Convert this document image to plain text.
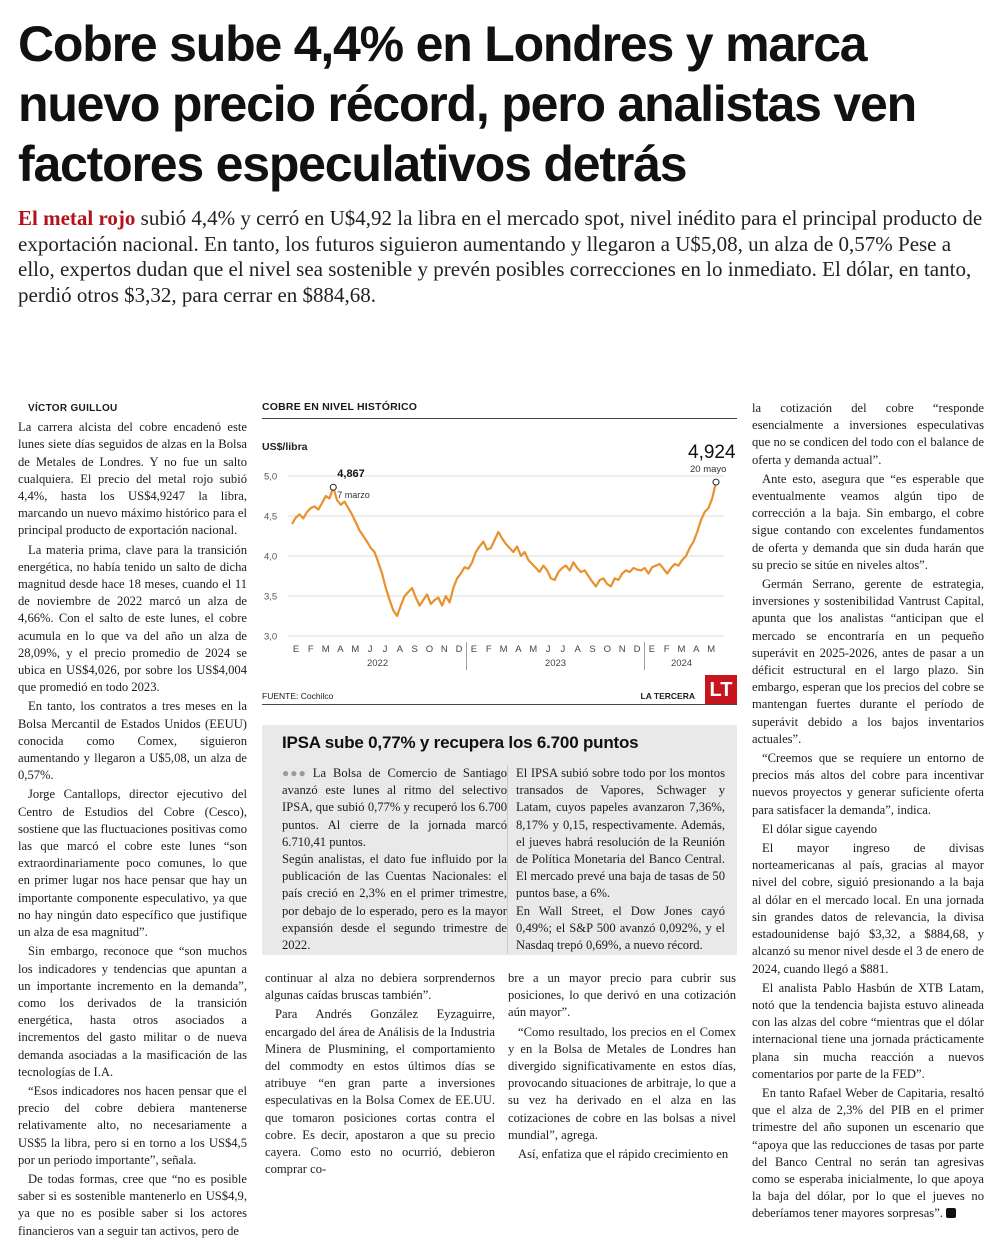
Cobre sube 4,4% en Londres y marca nuevo precio récord, pero analistas ven factores especulativos detrás
El metal rojo subió 4,4% y cerró en U$4,92 la libra en el mercado spot, nivel inédito para el principal producto de exportación nacional. En tanto, los futuros siguieron aumentando y llegaron a U$5,08, un alza de 0,57% Pese a ello, expertos dudan que el nivel sea sostenible y prevén posibles correcciones en lo inmediato. El dólar, en tanto, perdió otros $3,32, para cerrar en $884,68.

VÍCTOR GUILLOU

La carrera alcista del cobre encadenó este lunes siete días seguidos de alzas en la Bolsa de Metales de Londres. Y no fue un salto cualquiera. El precio del metal rojo subió 4,4%, hasta los US$4,9247 la libra, marcando un nuevo máximo histórico para el principal producto de exportación nacional.

La materia prima, clave para la transición energética, no había tenido un salto de dicha magnitud desde hace 18 meses, cuando el 11 de noviembre de 2022 marcó un alza de 4,66%. Con el salto de este lunes, el cobre acumula en lo que va del año un alza de 28,09%, y el precio promedio de 2024 se ubica en US$4,026, por sobre los US$4,004 que promedió en todo 2023.

En tanto, los contratos a tres meses en la Bolsa Mercantil de Estados Unidos (EEUU) conocida como Comex, siguieron aumentando y llegaron a U$5,08, un alza de 0,57%.

Jorge Cantallops, director ejecutivo del Centro de Estudios del Cobre (Cesco), sostiene que las fluctuaciones positivas como las que marcó el cobre este lunes “son extraordinariamente poco comunes, lo que en primer lugar nos hace pensar que hay un importante componente especulativo, ya que no hay ningún dato específico que justifique un alza de esa magnitud”.

Sin embargo, reconoce que “son muchos los indicadores y tendencias que apuntan a un importante incremento en la demanda”, como los derivados de la transición energética, hasta otros asociados a incrementos del gasto militar o de nueva demanda asociadas a la masificación de las tecnologías de I.A.

“Esos indicadores nos hacen pensar que el precio del cobre debiera mantenerse relativamente alto, no necesariamente a US$5 la libra, pero si en torno a los US$4,5 por un periodo importante”, señala.

De todas formas, cree que “no es posible saber si es sostenible mantenerlo en US$4,9, ya que no es posible saber si los actores financieros van a seguir tan activos, pero de

COBRE EN NIVEL HISTÓRICO
US$/libra
5,0
4,5
4,0
3,5
3,0
4,867
7 marzo
4,924
20 mayo
E F M A M J J A S O N D E F M A M J J A S O N D E F M A M
2022	2023	2024
FUENTE: Cochilco	LA TERCERA LT
IPSA sube 0,77% y recupera los 6.700 puntos

●●● La Bolsa de Comercio de Santiago avanzó este lunes al ritmo del selectivo IPSA, que subió 0,77% y recuperó los 6.700 puntos. Al cierre de la jornada marcó 6.710,41 puntos.

Según analistas, el dato fue influido por la publicación de las Cuentas Nacionales: el país creció en 2,3% en el primer trimestre, por debajo de lo esperado, pero es la mayor expansión desde el segundo trimestre de 2022.

El IPSA subió sobre todo por los montos transados de Vapores, Schwager y Latam, cuyos papeles avanzaron 7,36%, 8,17% y 0,15, respectivamente. Además, el jueves habrá resolución de la Reunión de Política Monetaria del Banco Central. El mercado prevé una baja de tasas de 50 puntos base, a 6%.

En Wall Street, el Dow Jones cayó 0,49%; el S&P 500 avanzó 0,092%, y el Nasdaq trepó 0,69%, a nuevo récord.

continuar al alza no debiera sorprendernos algunas caídas bruscas también”.

Para Andrés González Eyzaguirre, encargado del área de Análisis de la Industria Minera de Plusmining, el comportamiento del commodty en estos últimos días se atribuye “en gran parte a inversiones especulativas en la Bolsa Comex de EE.UU. que tomaron posiciones cortas contra el cobre. Es decir, apostaron a que su precio cayera. Como esto no ocurrió, debieron comprar co-

bre a un mayor precio para cubrir sus posiciones, lo que derivó en una cotización aún mayor”.

“Como resultado, los precios en el Comex y en la Bolsa de Metales de Londres han divergido significativamente en estos días, provocando situaciones de arbitraje, lo que a su vez ha derivado en el alza en las cotizaciones de cobre en las bolsas a nivel mundial”, agrega.

Así, enfatiza que el rápido crecimiento en

la cotización del cobre “responde esencialmente a inversiones especulativas que no se condicen del todo con el balance de oferta y demanda actual”.

Ante esto, asegura que “es esperable que eventualmente veamos algún tipo de corrección a la baja. Sin embargo, el cobre sigue contando con excelentes fundamentos de oferta y demanda que sin duda harán que su precio se sitúe en niveles altos”.

Germán Serrano, gerente de estrategia, inversiones y sostenibilidad Vantrust Capital, apunta que los analistas “anticipan que el mercado se encontraría en un pequeño superávit en 2025-2026, antes de pasar a un déficit estructural en el largo plazo. Sin embargo, esperan que los precios del cobre se mantengan fuertes durante el período de superávit debido a los bajos inventarios actuales”.

“Creemos que se requiere un entorno de precios más altos del cobre para incentivar nuevos proyectos y generar suficiente oferta para satisfacer la demanda”, indica.

El dólar sigue cayendo

El mayor ingreso de divisas norteamericanas al país, gracias al mayor nivel del cobre, siguió presionando a la baja al dólar en el mercado local. En una jornada sin grandes datos de relevancia, la divisa estadounidense bajó $3,32, a $884,68, y alcanzó su menor nivel desde el 3 de enero de 2024, cuando llegó a $881.

El analista Pablo Hasbún de XTB Latam, notó que la tendencia bajista estuvo alineada con las alzas del cobre “mientras que el dólar internacional tiene una jornada prácticamente plana sin mucha reacción a nuevos comentarios por parte de la FED”.

En tanto Rafael Weber de Capitaria, resaltó que el alza de 2,3% del PIB en el primer trimestre del año suponen un escenario que “apoya que las reducciones de tasas por parte del Banco Central no serán tan agresivas como se esperaba inicialmente, lo que apoya la baja del dólar, por lo que el jueves no deberíamos tener mayores sorpresas”.
